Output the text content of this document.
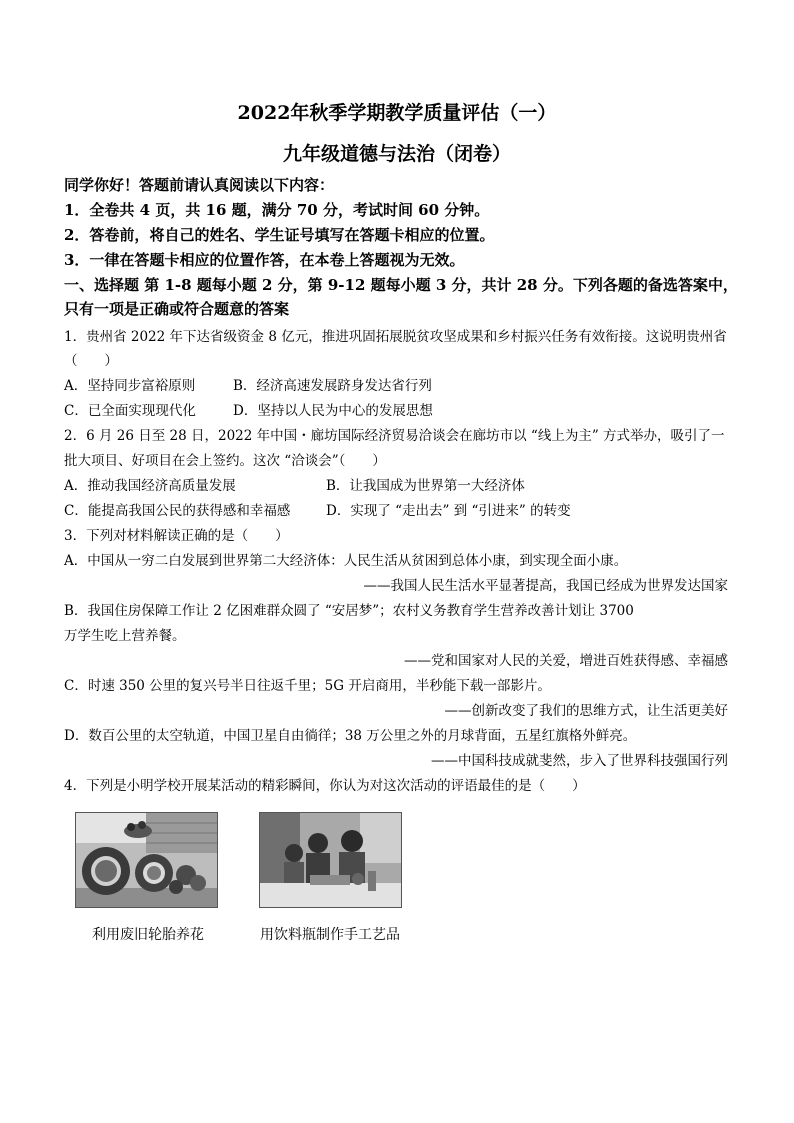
2022年秋季学期教学质量评估（一）
九年级道德与法治（闭卷）
同学你好！答题前请认真阅读以下内容：
1．全卷共 4 页，共 16 题，满分 70 分，考试时间 60 分钟。
2．答卷前，将自己的姓名、学生证号填写在答题卡相应的位置。
3．一律在答题卡相应的位置作答，在本卷上答题视为无效。
一、选择题 第 1-8 题每小题 2 分，第 9-12 题每小题 3 分，共计 28 分。下列各题的备选答案中，
只有一项是正确或符合题意的答案
1．贵州省 2022 年下达省级资金 8 亿元，推进巩固拓展脱贫攻坚成果和乡村振兴任务有效衔接。这说明贵州省
（　　）
A．坚持同步富裕原则	B．经济高速发展跻身发达省行列
C．已全面实现现代化	D．坚持以人民为中心的发展思想
2．6 月 26 日至 28 日，2022 年中国・廊坊国际经济贸易洽谈会在廊坊市以 “线上为主” 方式举办，吸引了一
批大项目、好项目在会上签约。这次 “洽谈会”（　　）
A．推动我国经济高质量发展	B．让我国成为世界第一大经济体
C．能提高我国公民的获得感和幸福感	D．实现了 “走出去” 到 “引进来” 的转变
3．下列对材料解读正确的是（　　）
A．中国从一穷二白发展到世界第二大经济体：人民生活从贫困到总体小康，到实现全面小康。
——我国人民生活水平显著提高，我国已经成为世界发达国家
B．我国住房保障工作让 2 亿困难群众圆了 “安居梦”；农村义务教育学生营养改善计划让 3700
万学生吃上营养餐。
——党和国家对人民的关爱，增进百姓获得感、幸福感
C．时速 350 公里的复兴号半日往返千里；5G 开启商用，半秒能下载一部影片。
——创新改变了我们的思维方式，让生活更美好
D．数百公里的太空轨道，中国卫星自由徜徉；38 万公里之外的月球背面，五星红旗格外鲜亮。
——中国科技成就斐然，步入了世界科技强国行列
4．下列是小明学校开展某活动的精彩瞬间，你认为对这次活动的评语最佳的是（　　）
利用废旧轮胎养花	用饮料瓶制作手工艺品
